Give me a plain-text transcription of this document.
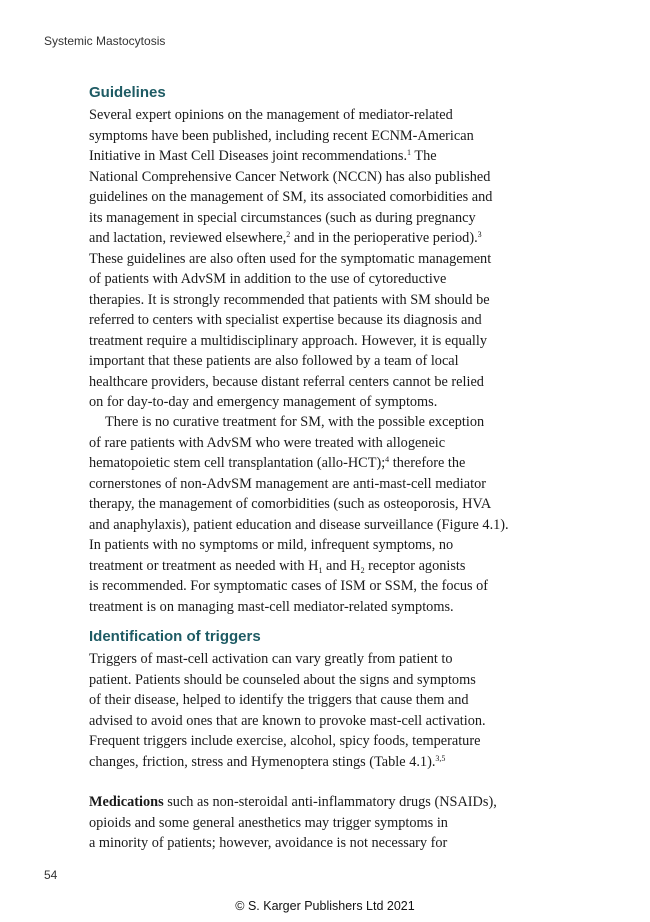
Systemic Mastocytosis
Guidelines

Several expert opinions on the management of mediator-related
symptoms have been published, including recent ECNM-American
Initiative in Mast Cell Diseases joint recommendations.$^1$ The
National Comprehensive Cancer Network (NCCN) has also published
guidelines on the management of SM, its associated comorbidities and
its management in special circumstances (such as during pregnancy
and lactation, reviewed elsewhere,$^2$ and in the perioperative period).$^3$
These guidelines are also often used for the symptomatic management
of patients with AdvSM in addition to the use of cytoreductive
therapies. It is strongly recommended that patients with SM should be
referred to centers with specialist expertise because its diagnosis and
treatment require a multidisciplinary approach. However, it is equally
important that these patients are also followed by a team of local
healthcare providers, because distant referral centers cannot be relied
on for day-to-day and emergency management of symptoms.

There is no curative treatment for SM, with the possible exception
of rare patients with AdvSM who were treated with allogeneic
hematopoietic stem cell transplantation (allo-HCT);$^4$ therefore the
cornerstones of non-AdvSM management are anti-mast-cell mediator
therapy, the management of comorbidities (such as osteoporosis, HVA
and anaphylaxis), patient education and disease surveillance (Figure 4.1).
In patients with no symptoms or mild, infrequent symptoms, no
treatment or treatment as needed with $H_1$ and $H_2$ receptor agonists
is recommended. For symptomatic cases of ISM or SSM, the focus of
treatment is on managing mast-cell mediator-related symptoms.

Identification of triggers

Triggers of mast-cell activation can vary greatly from patient to
patient. Patients should be counseled about the signs and symptoms
of their disease, helped to identify the triggers that cause them and
advised to avoid ones that are known to provoke mast-cell activation.
Frequent triggers include exercise, alcohol, spicy foods, temperature
changes, friction, stress and Hymenoptera stings (Table 4.1).$^{3,5}$

Medications such as non-steroidal anti-inflammatory drugs (NSAIDs),
opioids and some general anesthetics may trigger symptoms in
a minority of patients; however, avoidance is not necessary for

54
© S. Karger Publishers Ltd 2021
